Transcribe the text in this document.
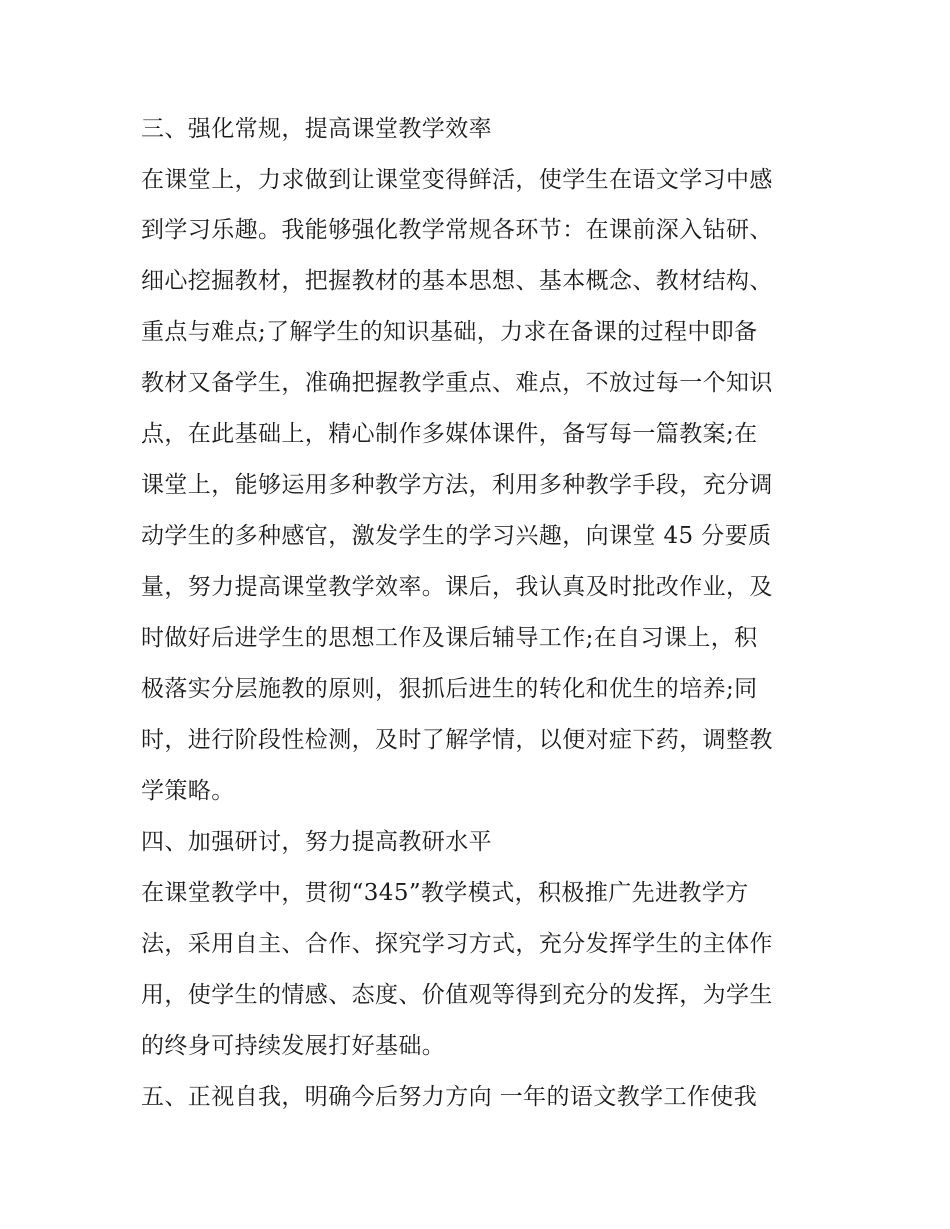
三、强化常规，提高课堂教学效率
在课堂上，力求做到让课堂变得鲜活，使学生在语文学习中感
到学习乐趣。我能够强化教学常规各环节：在课前深入钻研、
细心挖掘教材，把握教材的基本思想、基本概念、教材结构、
重点与难点;了解学生的知识基础，力求在备课的过程中即备
教材又备学生，准确把握教学重点、难点，不放过每一个知识
点，在此基础上，精心制作多媒体课件，备写每一篇教案;在
课堂上，能够运用多种教学方法，利用多种教学手段，充分调
动学生的多种感官，激发学生的学习兴趣，向课堂 45 分要质
量，努力提高课堂教学效率。课后，我认真及时批改作业，及
时做好后进学生的思想工作及课后辅导工作;在自习课上，积
极落实分层施教的原则，狠抓后进生的转化和优生的培养;同
时，进行阶段性检测，及时了解学情，以便对症下药，调整教
学策略。
四、加强研讨，努力提高教研水平
在课堂教学中，贯彻“345”教学模式，积极推广先进教学方
法，采用自主、合作、探究学习方式，充分发挥学生的主体作
用，使学生的情感、态度、价值观等得到充分的发挥，为学生
的终身可持续发展打好基础。
五、正视自我，明确今后努力方向 一年的语文教学工作使我
